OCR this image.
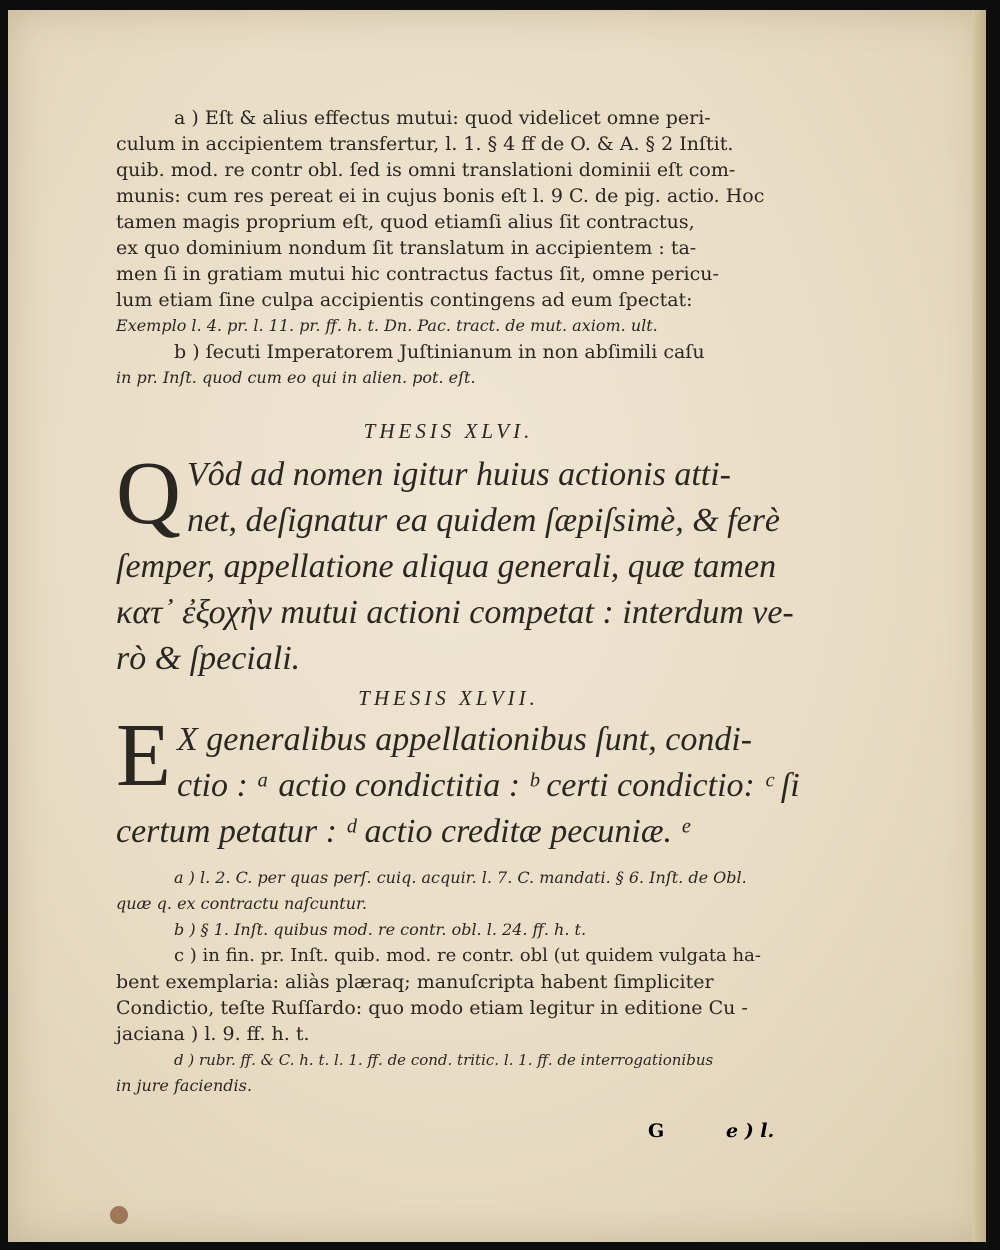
a ) Eſt & alius effectus mutui: quod videlicet omne peri-

culum in accipientem transfertur, l. 1. § 4 ff de O. & A. § 2 Inſtit.

quib. mod. re contr obl. ſed is omni translationi dominii eſt com-

munis: cum res pereat ei in cujus bonis eſt l. 9 C. de pig. actio. Hoc

tamen magis proprium eſt, quod etiamſi alius ſit contractus,

ex quo dominium nondum ſit translatum in accipientem : ta-

men ſi in gratiam mutui hic contractus factus ſit, omne pericu-

lum etiam ſine culpa accipientis contingens ad eum ſpectat:

Exemplo l. 4. pr. l. 11. pr. ff. h. t. Dn. Pac. tract. de mut. axiom. ult.

b ) ſecuti Imperatorem Juſtinianum in non abſimili caſu

in pr. Inſt. quod cum eo qui in alien. pot. eſt.

THESIS XLVI.

Q Vôd ad nomen igitur huius actionis atti-

net, deſignatur ea quidem ſæpiſsimè, & ferè

ſemper, appellatione aliqua generali, quæ tamen

κατ᾽ ἐξοχὴν mutui actioni competat : interdum ve-

rò & ſpeciali.

THESIS XLVII.

E X generalibus appellationibus ſunt, condi-

ctio : ᵃ actio condictitia : ᵇ certi condictio: ᶜ ſi

certum petatur : ᵈ actio creditæ pecuniæ. ᵉ

a ) l. 2. C. per quas perſ. cuiq. acquir. l. 7. C. mandati. § 6. Inſt. de Obl.

quæ q. ex contractu naſcuntur.

b ) § 1. Inſt. quibus mod. re contr. obl. l. 24. ff. h. t.

c ) in fin. pr. Inſt. quib. mod. re contr. obl (ut quidem vulgata ha-

bent exemplaria: aliàs plæraq; manuſcripta habent ſimpliciter

Condictio, teſte Ruſſardo: quo modo etiam legitur in editione Cu -

jaciana ) l. 9. ff. h. t.

d ) rubr. ff. & C. h. t. l. 1. ff. de cond. tritic. l. 1. ff. de interrogationibus

in jure faciendis.

G	e ) l.
